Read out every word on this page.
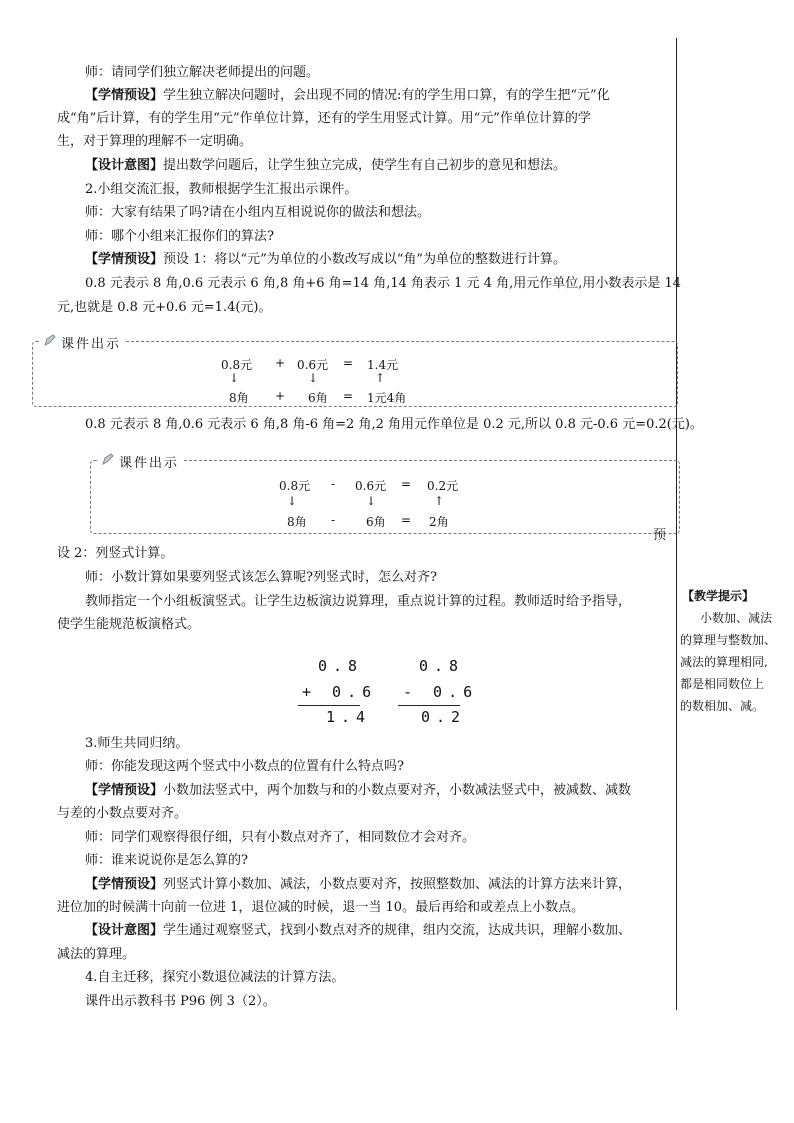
师：请同学们独立解决老师提出的问题。
【学情预设】学生独立解决问题时，会出现不同的情况:有的学生用口算，有的学生把“元”化
成“角”后计算，有的学生用“元”作单位计算，还有的学生用竖式计算。用“元”作单位计算的学
生，对于算理的理解不一定明确。
【设计意图】提出数学问题后，让学生独立完成，使学生有自己初步的意见和想法。
2.小组交流汇报，教师根据学生汇报出示课件。
师：大家有结果了吗?请在小组内互相说说你的做法和想法。
师：哪个小组来汇报你们的算法?
【学情预设】预设 1：将以“元”为单位的小数改写成以“角”为单位的整数进行计算。
0.8 元表示 8 角,0.6 元表示 6 角,8 角+6 角=14 角,14 角表示 1 元 4 角,用元作单位,用小数表示是 14
元,也就是 0.8 元+0.6 元=1.4(元)。
课件出示
0.8元 + 0.6元 = 1.4元
↓	↓	↑
8角 + 6角 = 1元4角
0.8 元表示 8 角,0.6 元表示 6 角,8 角-6 角=2 角,2 角用元作单位是 0.2 元,所以 0.8 元-0.6 元=0.2(元)。
课件出示
0.8元 - 0.6元 = 0.2元
↓	↓	↑
8角 -	6角 = 2角
预
设 2：列竖式计算。
师：小数计算如果要列竖式该怎么算呢?列竖式时，怎么对齐?
教师指定一个小组板演竖式。让学生边板演边说算理，重点说计算的过程。教师适时给予指导，
使学生能规范板演格式。
0.8
+ 0.6
1.4
0.8
- 0.6
0.2
3.师生共同归纳。
师：你能发现这两个竖式中小数点的位置有什么特点吗?
【学情预设】小数加法竖式中，两个加数与和的小数点要对齐，小数减法竖式中，被减数、减数
与差的小数点要对齐。
师：同学们观察得很仔细，只有小数点对齐了，相同数位才会对齐。
师：谁来说说你是怎么算的?
【学情预设】列竖式计算小数加、减法，小数点要对齐，按照整数加、减法的计算方法来计算，
进位加的时候满十向前一位进 1，退位减的时候，退一当 10。最后再给和或差点上小数点。
【设计意图】学生通过观察竖式，找到小数点对齐的规律，组内交流，达成共识，理解小数加、
减法的算理。
4.自主迁移，探究小数退位减法的计算方法。
课件出示教科书 P96 例 3（2）。
【教学提示】
小数加、减法
的算理与整数加、
减法的算理相同,
都是相同数位上
的数相加、减。
